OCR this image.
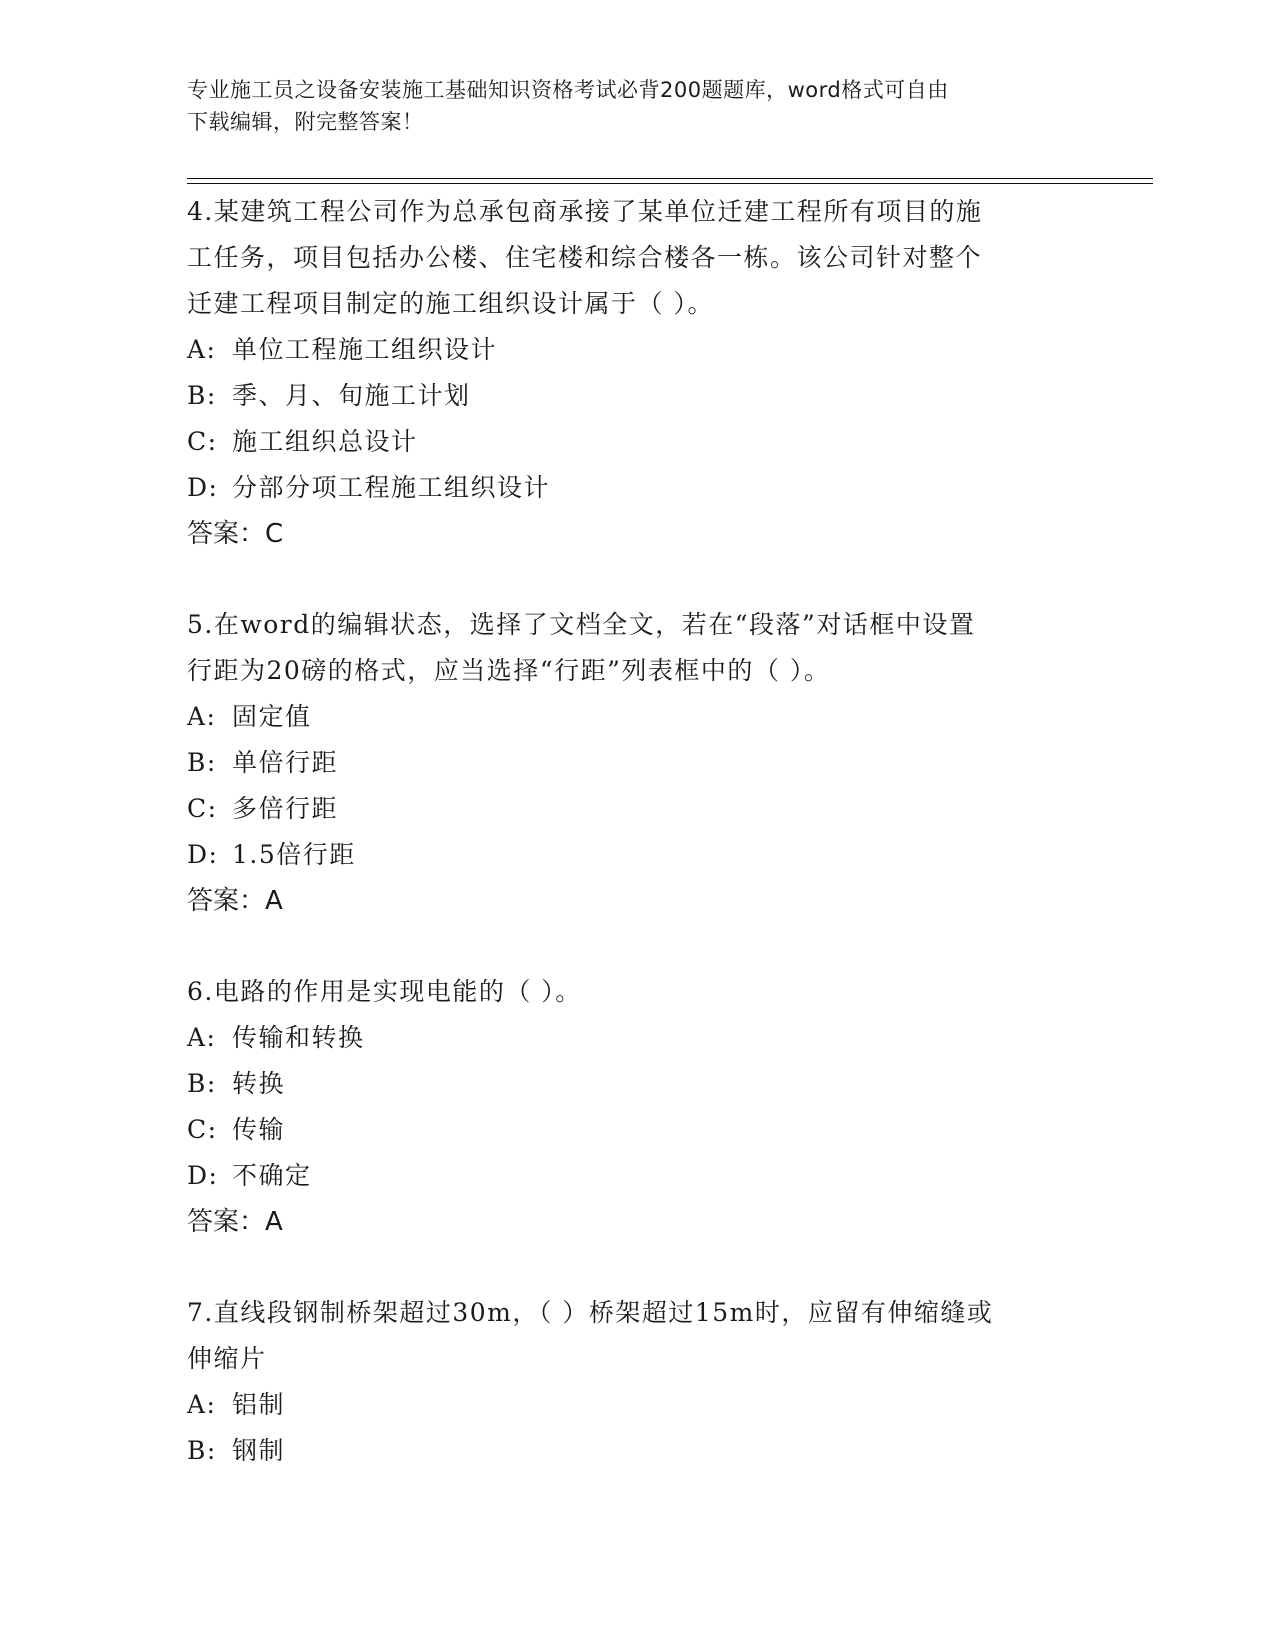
专业施工员之设备安装施工基础知识资格考试必背200题题库，word格式可自由
下载编辑，附完整答案！
4.某建筑工程公司作为总承包商承接了某单位迁建工程所有项目的施
工任务，项目包括办公楼、住宅楼和综合楼各一栋。该公司针对整个
迁建工程项目制定的施工组织设计属于（ ）。
A: 单位工程施工组织设计
B: 季、月、旬施工计划
C: 施工组织总设计
D: 分部分项工程施工组织设计
答案：C
5.在word的编辑状态，选择了文档全文，若在“段落”对话框中设置
行距为20磅的格式，应当选择“行距”列表框中的（ ）。
A: 固定值
B: 单倍行距
C: 多倍行距
D: 1.5倍行距
答案：A
6.电路的作用是实现电能的（ ）。
A: 传输和转换
B: 转换
C: 传输
D: 不确定
答案：A
7.直线段钢制桥架超过30m，（ ）桥架超过15m时，应留有伸缩缝或
伸缩片
A: 铝制
B: 钢制
